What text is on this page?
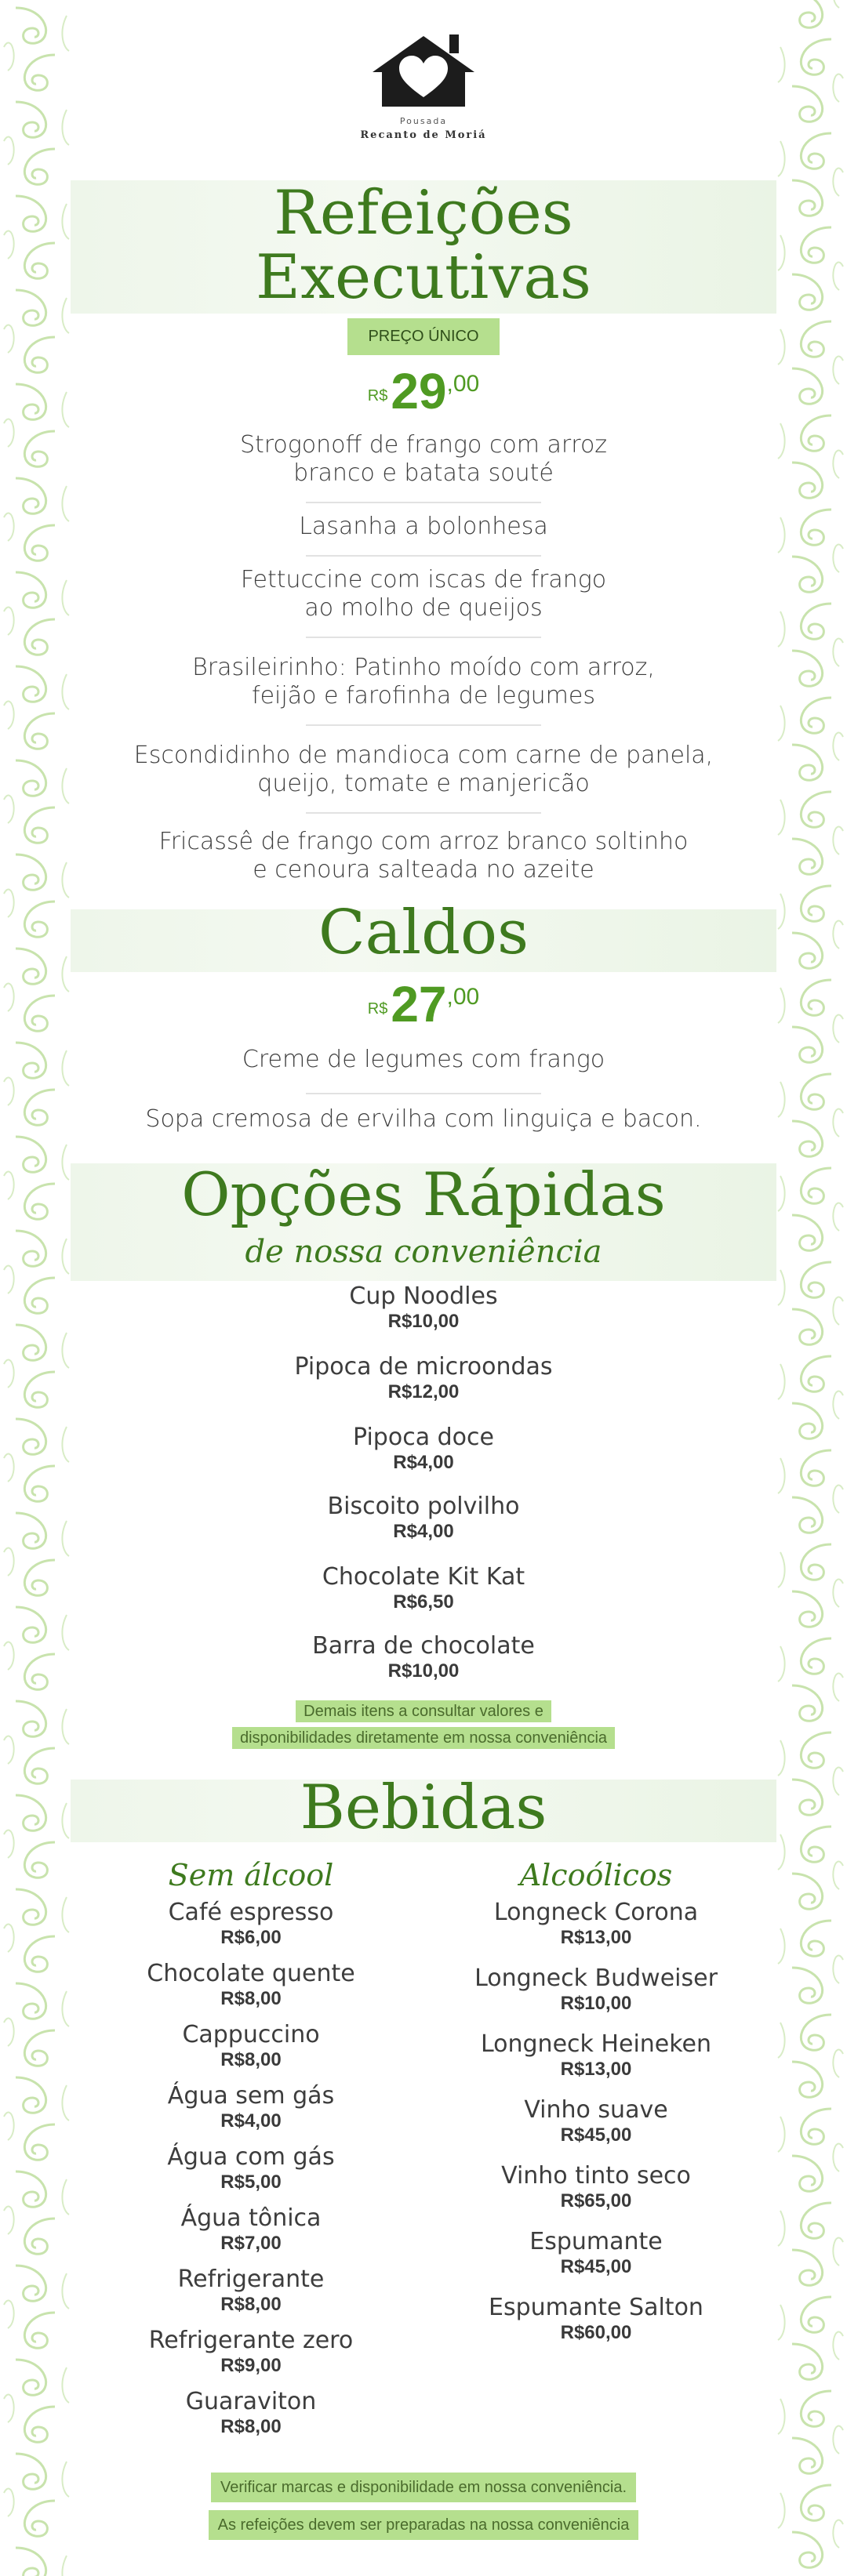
Pousada
Recanto de Moriá
Refeições
Executivas
PREÇO ÚNICO
R$29,00
Strogonoff de frango com arroz
branco e batata souté
Lasanha a bolonhesa
Fettuccine com iscas de frango
ao molho de queijos
Brasileirinho: Patinho moído com arroz,
feijão e farofinha de legumes
Escondidinho de mandioca com carne de panela,
queijo, tomate e manjericão
Fricassê de frango com arroz branco soltinho
e cenoura salteada no azeite
Caldos
R$27,00
Creme de legumes com frango
Sopa cremosa de ervilha com linguiça e bacon.
Opções Rápidas
de nossa conveniência
Cup Noodles
R$10,00
Pipoca de microondas
R$12,00
Pipoca doce
R$4,00
Biscoito polvilho
R$4,00
Chocolate Kit Kat
R$6,50
Barra de chocolate
R$10,00
Demais itens a consultar valores e
disponibilidades diretamente em nossa conveniência
Bebidas
Sem álcool
Café espresso
R$6,00
Chocolate quente
R$8,00
Cappuccino
R$8,00
Água sem gás
R$4,00
Água com gás
R$5,00
Água tônica
R$7,00
Refrigerante
R$8,00
Refrigerante zero
R$9,00
Guaraviton
R$8,00
Alcoólicos
Longneck Corona
R$13,00
Longneck Budweiser
R$10,00
Longneck Heineken
R$13,00
Vinho suave
R$45,00
Vinho tinto seco
R$65,00
Espumante
R$45,00
Espumante Salton
R$60,00
Verificar marcas e disponibilidade em nossa conveniência.
As refeições devem ser preparadas na nossa conveniência
